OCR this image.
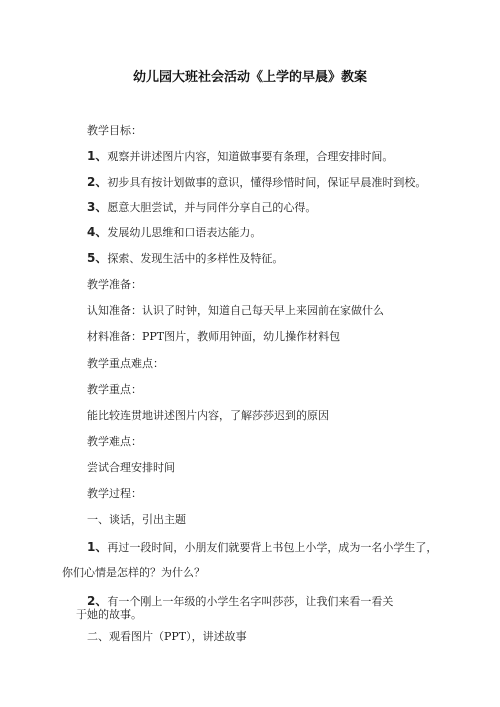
幼儿园大班社会活动《上学的早晨》教案
教学目标：
1、观察并讲述图片内容，知道做事要有条理，合理安排时间。
2、初步具有按计划做事的意识，懂得珍惜时间，保证早晨准时到校。
3、愿意大胆尝试，并与同伴分享自己的心得。
4、发展幼儿思维和口语表达能力。
5、探索、发现生活中的多样性及特征。
教学准备：
认知准备：认识了时钟，知道自己每天早上来园前在家做什么
材料准备：PPT图片，教师用钟面，幼儿操作材料包
教学重点难点：
教学重点：
能比较连贯地讲述图片内容，了解莎莎迟到的原因
教学难点：
尝试合理安排时间
教学过程：
一、谈话，引出主题
1、再过一段时间，小朋友们就要背上书包上小学，成为一名小学生了，
你们心情是怎样的？为什么？
2、有一个刚上一年级的小学生名字叫莎莎，让我们来看一看关
于她的故事。
二、观看图片（PPT），讲述故事
